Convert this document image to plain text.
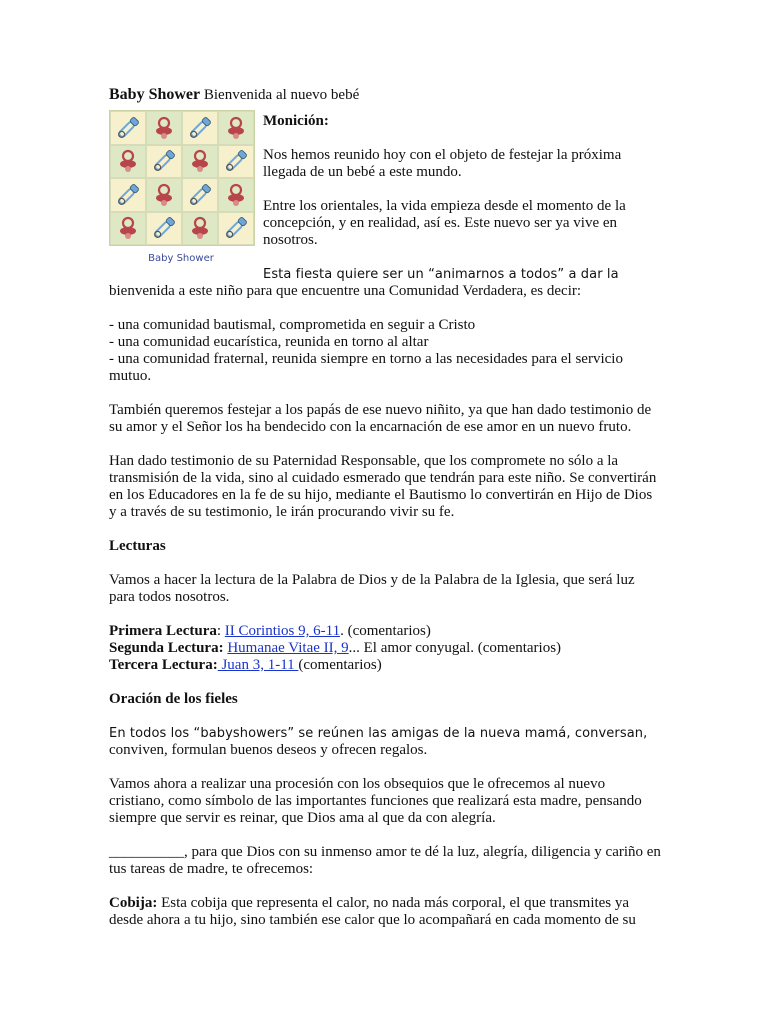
Baby Shower Bienvenida al nuevo bebé
Baby Shower
Monición:

Nos hemos reunido hoy con el objeto de festejar la próxima llegada de un bebé a este mundo.

Entre los orientales, la vida empieza desde el momento de la concepción, y en realidad, así es. Este nuevo ser ya vive en nosotros.

Esta fiesta quiere ser un “animarnos a todos” a dar la bienvenida a este niño para que encuentre una Comunidad Verdadera, es decir:

- una comunidad bautismal, comprometida en seguir a Cristo

- una comunidad eucarística, reunida en torno al altar

- una comunidad fraternal, reunida siempre en torno a las necesidades para el servicio mutuo.

También queremos festejar a los papás de ese nuevo niñito, ya que han dado testimonio de su amor y el Señor los ha bendecido con la encarnación de ese amor en un nuevo fruto.

Han dado testimonio de su Paternidad Responsable, que los compromete no sólo a la transmisión de la vida, sino al cuidado esmerado que tendrán para este niño. Se convertirán en los Educadores en la fe de su hijo, mediante el Bautismo lo convertirán en Hijo de Dios y a través de su testimonio, le irán procurando vivir su fe.

Lecturas

Vamos a hacer la lectura de la Palabra de Dios y de la Palabra de la Iglesia, que será luz para todos nosotros.

Primera Lectura: II Corintios 9, 6-11. (comentarios)

Segunda Lectura: Humanae Vitae II, 9... El amor conyugal. (comentarios)

Tercera Lectura: Juan 3, 1-11 (comentarios)

Oración de los fieles

En todos los “babyshowers” se reúnen las amigas de la nueva mamá, conversan, conviven, formulan buenos deseos y ofrecen regalos.

Vamos ahora a realizar una procesión con los obsequios que le ofrecemos al nuevo cristiano, como símbolo de las importantes funciones que realizará esta madre, pensando siempre que servir es reinar, que Dios ama al que da con alegría.

__________, para que Dios con su inmenso amor te dé la luz, alegría, diligencia y cariño en tus tareas de madre, te ofrecemos:

Cobija: Esta cobija que representa el calor, no nada más corporal, el que transmites ya desde ahora a tu hijo, sino también ese calor que lo acompañará en cada momento de su
